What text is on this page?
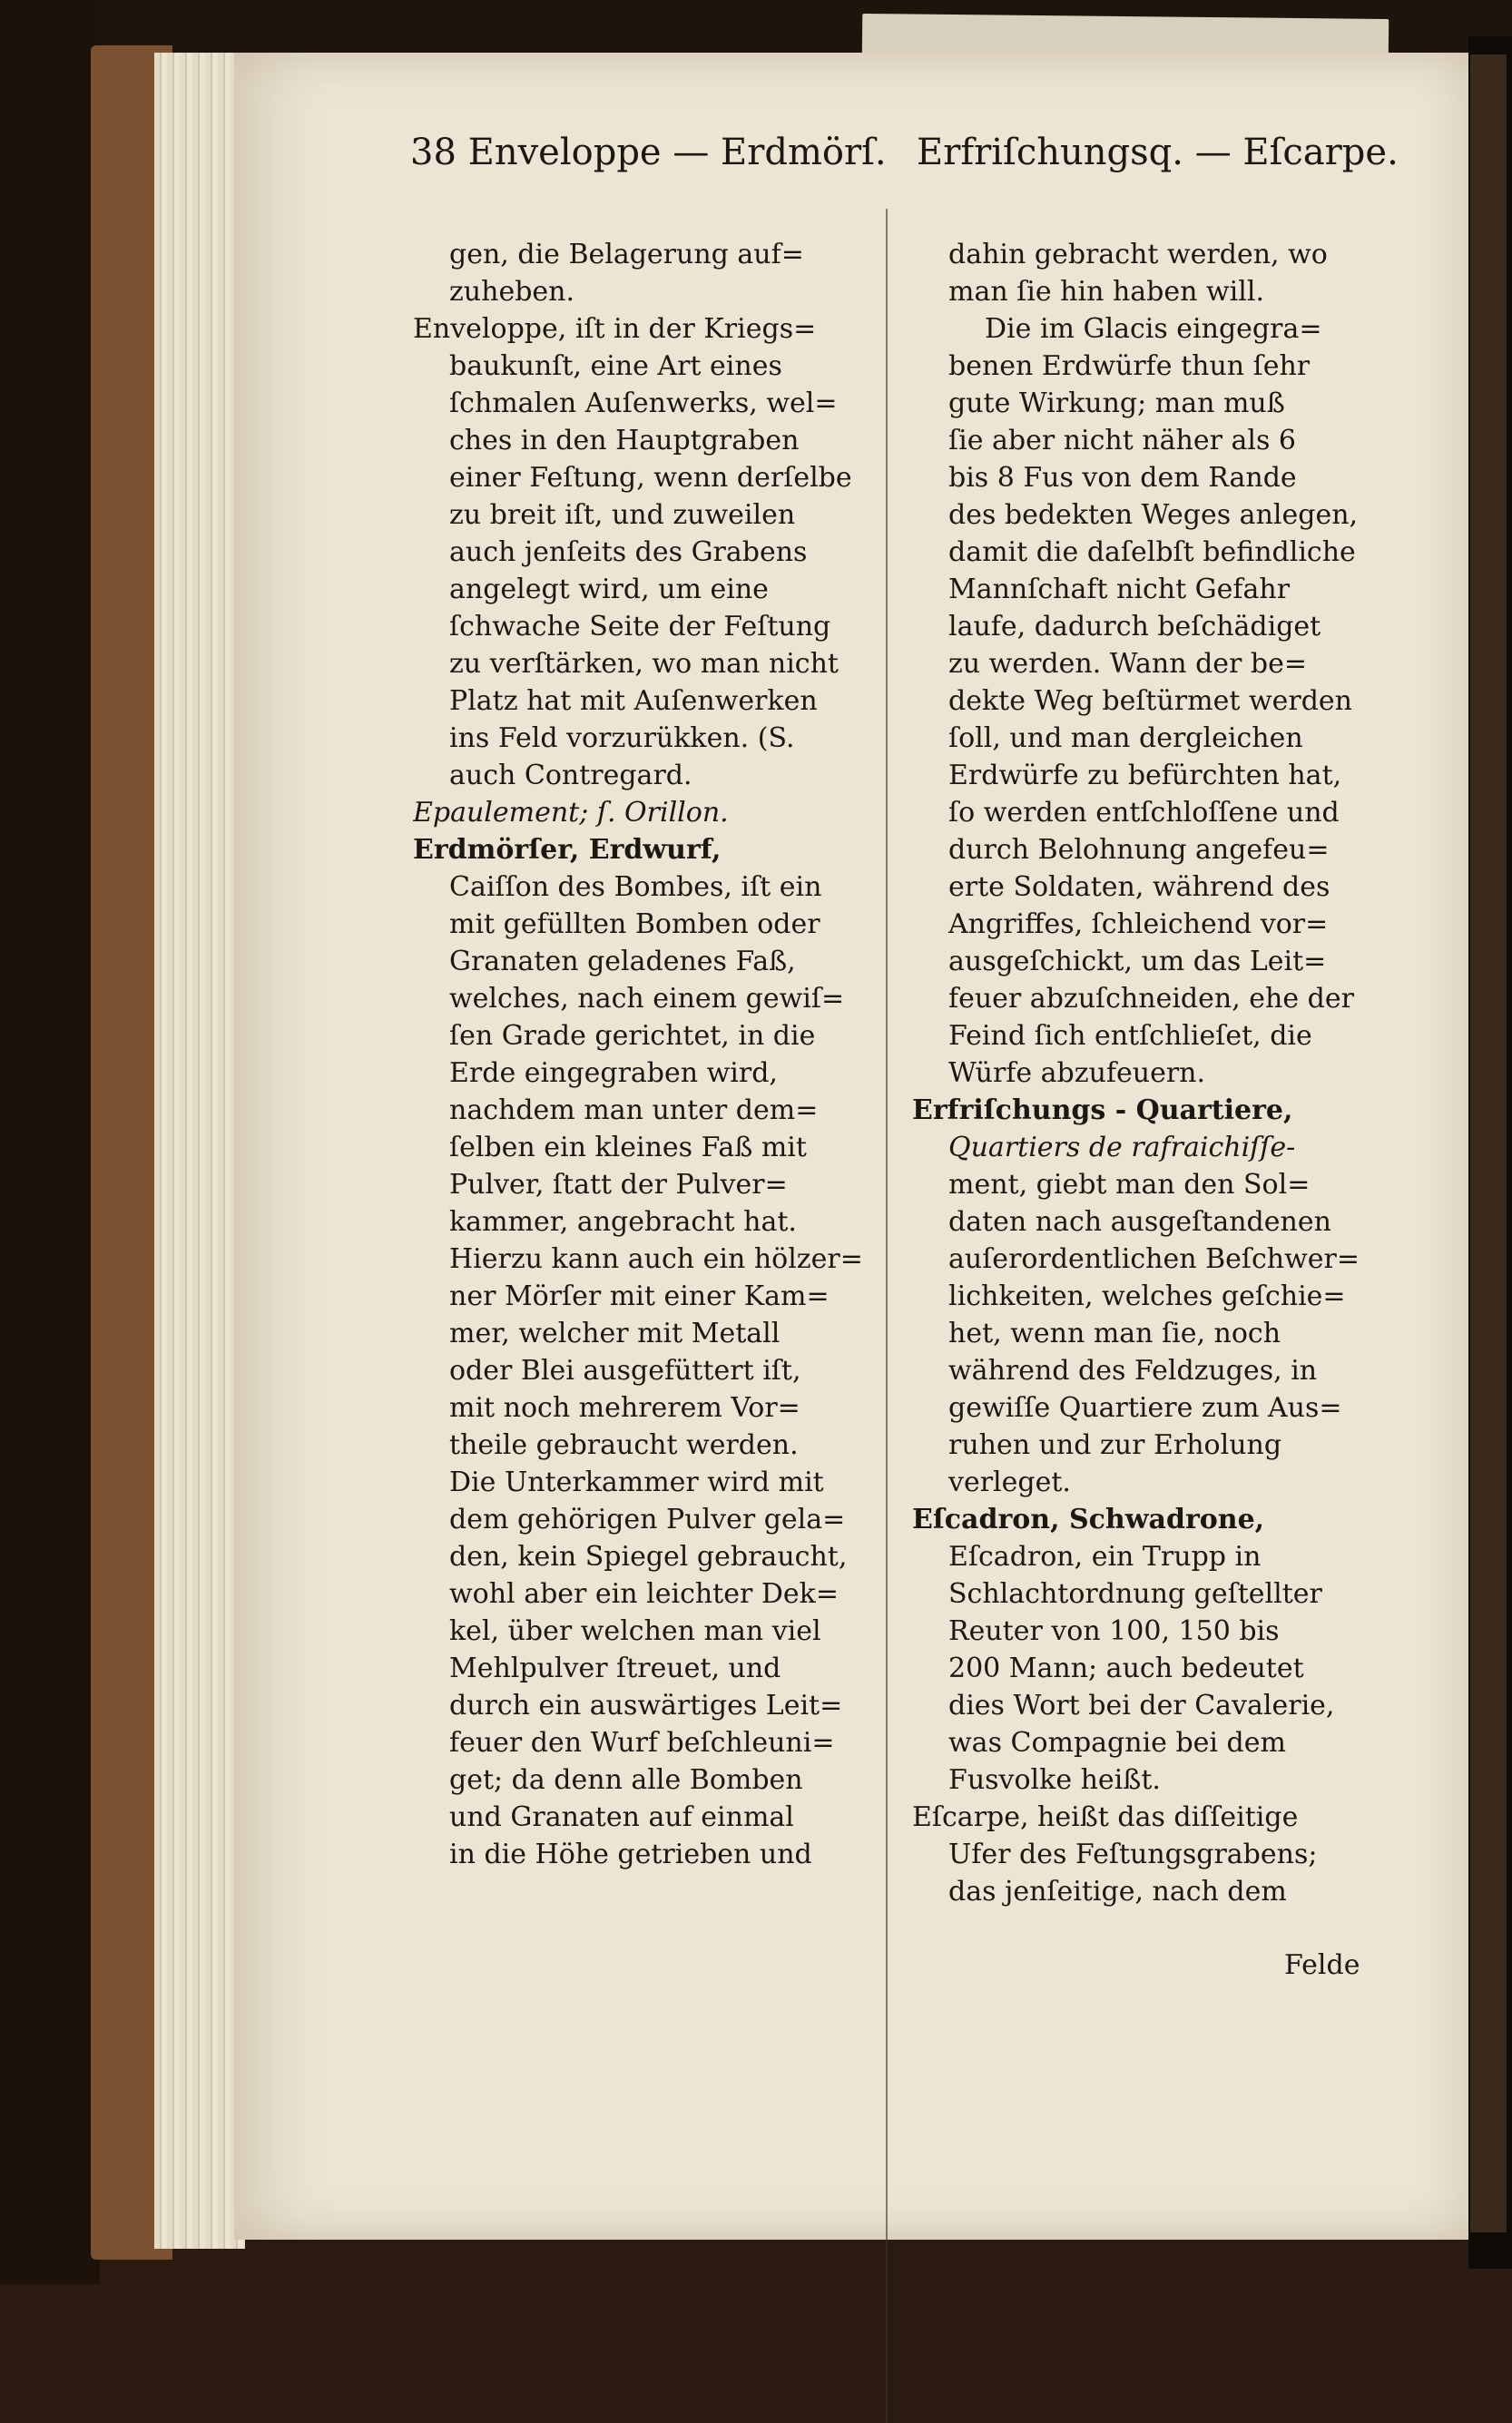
38 Enveloppe — Erdmörſ. Erfriſchungsq. — Eſcarpe.
gen, die Belagerung auf=
zuheben.
Enveloppe, iſt in der Kriegs=
baukunſt, eine Art eines
ſchmalen Auſenwerks, wel=
ches in den Hauptgraben
einer Feſtung, wenn derſelbe
zu breit iſt, und zuweilen
auch jenſeits des Grabens
angelegt wird, um eine
ſchwache Seite der Feſtung
zu verſtärken, wo man nicht
Platz hat mit Auſenwerken
ins Feld vorzurükken. (S.
auch Contregard.
Epaulement; ſ. Orillon.
Erdmörſer, Erdwurf,
Caiſſon des Bombes, iſt ein
mit gefüllten Bomben oder
Granaten geladenes Faß,
welches, nach einem gewiſ=
ſen Grade gerichtet, in die
Erde eingegraben wird,
nachdem man unter dem=
ſelben ein kleines Faß mit
Pulver, ſtatt der Pulver=
kammer, angebracht hat.
Hierzu kann auch ein hölzer=
ner Mörſer mit einer Kam=
mer, welcher mit Metall
oder Blei ausgefüttert iſt,
mit noch mehrerem Vor=
theile gebraucht werden.
Die Unterkammer wird mit
dem gehörigen Pulver gela=
den, kein Spiegel gebraucht,
wohl aber ein leichter Dek=
kel, über welchen man viel
Mehlpulver ſtreuet, und
durch ein auswärtiges Leit=
feuer den Wurf beſchleuni=
get; da denn alle Bomben
und Granaten auf einmal
in die Höhe getrieben und
dahin gebracht werden, wo
man ſie hin haben will.
Die im Glacis eingegra=
benen Erdwürfe thun ſehr
gute Wirkung; man muß
ſie aber nicht näher als 6
bis 8 Fus von dem Rande
des bedekten Weges anlegen,
damit die daſelbſt befindliche
Mannſchaft nicht Gefahr
laufe, dadurch beſchädiget
zu werden. Wann der be=
dekte Weg beſtürmet werden
ſoll, und man dergleichen
Erdwürfe zu befürchten hat,
ſo werden entſchloſſene und
durch Belohnung angefeu=
erte Soldaten, während des
Angriffes, ſchleichend vor=
ausgeſchickt, um das Leit=
feuer abzuſchneiden, ehe der
Feind ſich entſchlieſet, die
Würfe abzufeuern.
Erfriſchungs - Quartiere,
Quartiers de rafraichiſſe-
ment, giebt man den Sol=
daten nach ausgeſtandenen
auſerordentlichen Beſchwer=
lichkeiten, welches geſchie=
het, wenn man ſie, noch
während des Feldzuges, in
gewiſſe Quartiere zum Aus=
ruhen und zur Erholung
verleget.
Eſcadron, Schwadrone,
Eſcadron, ein Trupp in
Schlachtordnung geſtellter
Reuter von 100, 150 bis
200 Mann; auch bedeutet
dies Wort bei der Cavalerie,
was Compagnie bei dem
Fusvolke heißt.
Eſcarpe, heißt das diſſeitige
Ufer des Feſtungsgrabens;
das jenſeitige, nach dem
Felde
